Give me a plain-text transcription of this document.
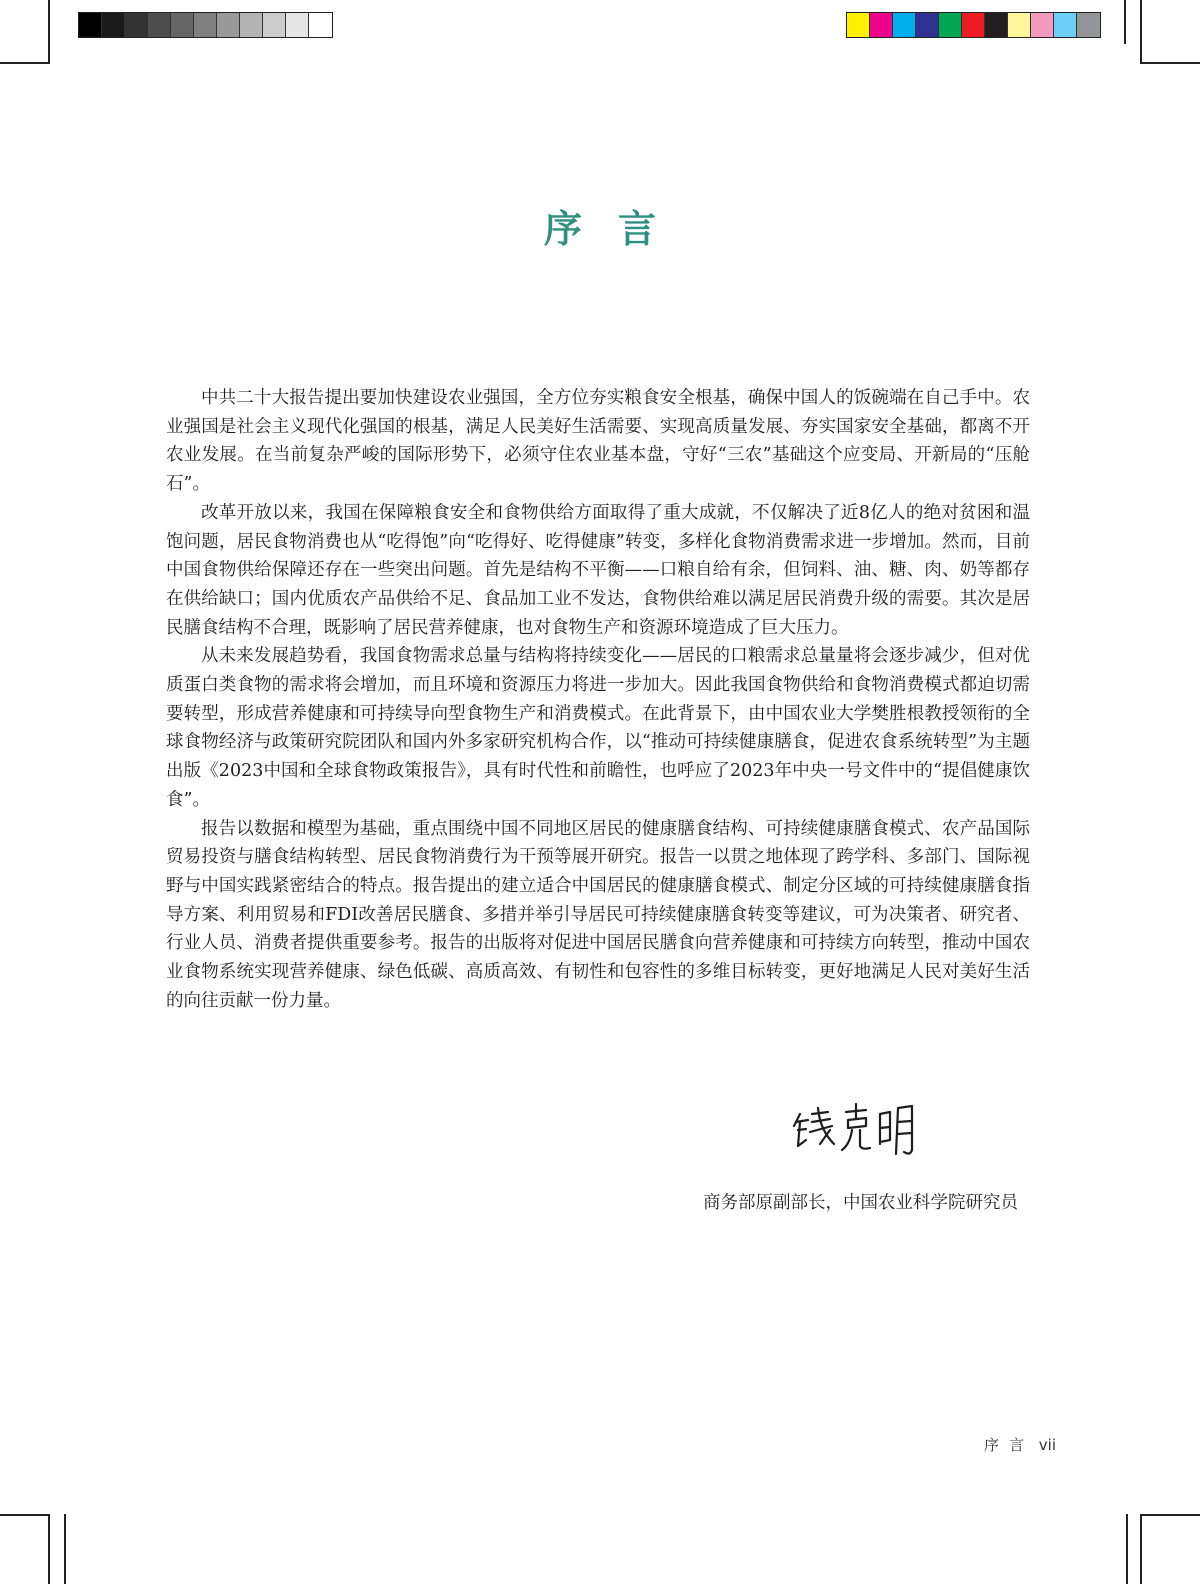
序言

中共二十大报告提出要加快建设农业强国，全方位夯实粮食安全根基，确保中国人的饭碗端在自己手中。农业强国是社会主义现代化强国的根基，满足人民美好生活需要、实现高质量发展、夯实国家安全基础，都离不开农业发展。在当前复杂严峻的国际形势下，必须守住农业基本盘，守好“三农”基础这个应变局、开新局的“压舱石”。

改革开放以来，我国在保障粮食安全和食物供给方面取得了重大成就，不仅解决了近8亿人的绝对贫困和温饱问题，居民食物消费也从“吃得饱”向“吃得好、吃得健康”转变，多样化食物消费需求进一步增加。然而，目前中国食物供给保障还存在一些突出问题。首先是结构不平衡——口粮自给有余，但饲料、油、糖、肉、奶等都存在供给缺口；国内优质农产品供给不足、食品加工业不发达，食物供给难以满足居民消费升级的需要。其次是居民膳食结构不合理，既影响了居民营养健康，也对食物生产和资源环境造成了巨大压力。

从未来发展趋势看，我国食物需求总量与结构将持续变化——居民的口粮需求总量量将会逐步减少，但对优质蛋白类食物的需求将会增加，而且环境和资源压力将进一步加大。因此我国食物供给和食物消费模式都迫切需要转型，形成营养健康和可持续导向型食物生产和消费模式。在此背景下，由中国农业大学樊胜根教授领衔的全球食物经济与政策研究院团队和国内外多家研究机构合作，以“推动可持续健康膳食，促进农食系统转型”为主题出版《2023中国和全球食物政策报告》，具有时代性和前瞻性，也呼应了2023年中央一号文件中的“提倡健康饮食”。

报告以数据和模型为基础，重点围绕中国不同地区居民的健康膳食结构、可持续健康膳食模式、农产品国际贸易投资与膳食结构转型、居民食物消费行为干预等展开研究。报告一以贯之地体现了跨学科、多部门、国际视野与中国实践紧密结合的特点。报告提出的建立适合中国居民的健康膳食模式、制定分区域的可持续健康膳食指导方案、利用贸易和FDI改善居民膳食、多措并举引导居民可持续健康膳食转变等建议，可为决策者、研究者、行业人员、消费者提供重要参考。报告的出版将对促进中国居民膳食向营养健康和可持续方向转型，推动中国农业食物系统实现营养健康、绿色低碳、高质高效、有韧性和包容性的多维目标转变，更好地满足人民对美好生活的向往贡献一份力量。

商务部原副部长，中国农业科学院研究员
序言 vii
